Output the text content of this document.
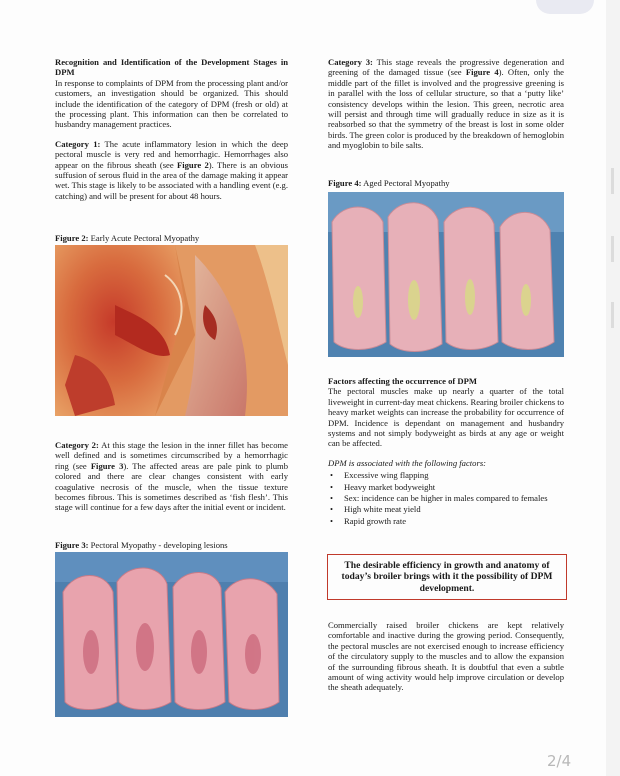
Recognition and Identification of the Development Stages in DPM

In response to complaints of DPM from the processing plant and/or customers, an investigation should be organized. This should include the identification of the category of DPM (fresh or old) at the processing plant. This information can then be correlated to husbandry management practices.

Category 1: The acute inflammatory lesion in which the deep pectoral muscle is very red and hemorrhagic. Hemorrhages also appear on the fibrous sheath (see Figure 2). There is an obvious suffusion of serous fluid in the area of the damage making it appear wet. This stage is likely to be associated with a handling event (e.g. catching) and will be present for about 48 hours.

Figure 2: Early Acute Pectoral Myopathy

Category 2: At this stage the lesion in the inner fillet has become well defined and is sometimes circumscribed by a hemorrhagic ring (see Figure 3). The affected areas are pale pink to plumb colored and there are clear changes consistent with early coagulative necrosis of the muscle, when the tissue texture becomes fibrous. This is sometimes described as ‘fish flesh’. This stage will continue for a few days after the initial event or incident.

Figure 3: Pectoral Myopathy - developing lesions

Category 3: This stage reveals the progressive degeneration and greening of the damaged tissue (see Figure 4). Often, only the middle part of the fillet is involved and the progressive greening is in parallel with the loss of cellular structure, so that a ‘putty like’ consistency develops within the lesion. This green, necrotic area will persist and through time will gradually reduce in size as it is reabsorbed so that the symmetry of the breast is lost in some older birds. The green color is produced by the breakdown of hemoglobin and myoglobin to bile salts.

Figure 4: Aged Pectoral Myopathy

Factors affecting the occurrence of DPM

The pectoral muscles make up nearly a quarter of the total liveweight in current-day meat chickens. Rearing broiler chickens to heavy market weights can increase the probability for occurrence of DPM. Incidence is dependant on management and husbandry systems and not simply bodyweight as birds at any age or weight can be affected.

DPM is associated with the following factors:

• Excessive wing flapping
• Heavy market bodyweight
• Sex: incidence can be higher in males compared to females
• High white meat yield
• Rapid growth rate
The desirable efficiency in growth and anatomy of today’s broiler brings with it the possibility of DPM development.

Commercially raised broiler chickens are kept relatively comfortable and inactive during the growing period. Consequently, the pectoral muscles are not exercised enough to increase efficiency of the circulatory supply to the muscles and to allow the expansion of the surrounding fibrous sheath. It is doubtful that even a subtle amount of wing activity would help improve circulation or develop the sheath adequately.

2/4
